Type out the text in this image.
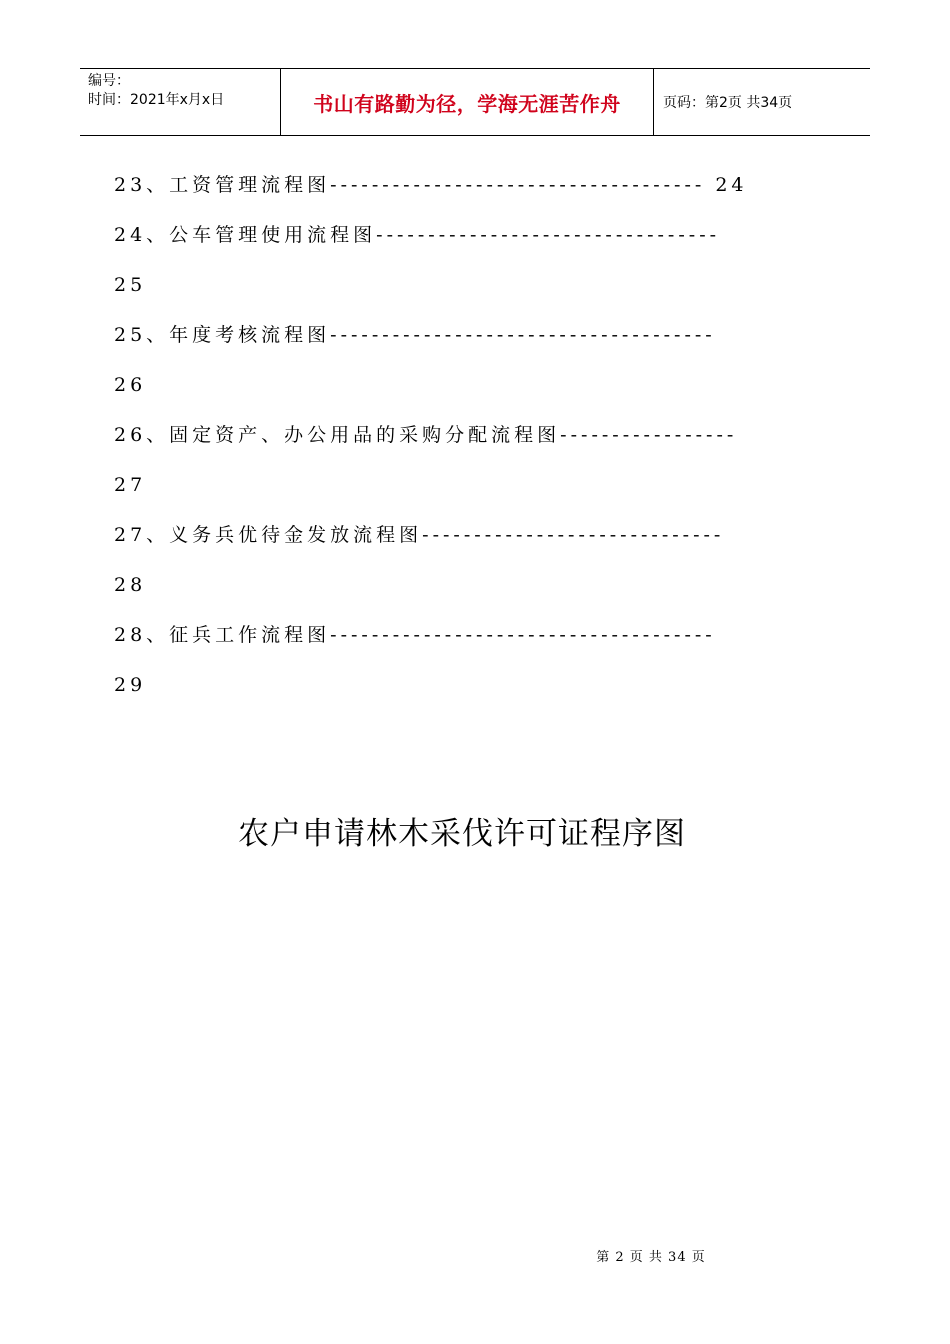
编号：
时间：2021年x月x日	书山有路勤为径，学海无涯苦作舟	页码：第2页 共34页
23、工资管理流程图------------------------------------ 24
24、公车管理使用流程图---------------------------------
25
25、年度考核流程图-------------------------------------
26
26、固定资产、办公用品的采购分配流程图-----------------
27
27、义务兵优待金发放流程图-----------------------------
28
28、征兵工作流程图-------------------------------------
29
农户申请林木采伐许可证程序图
第 2 页 共 34 页
